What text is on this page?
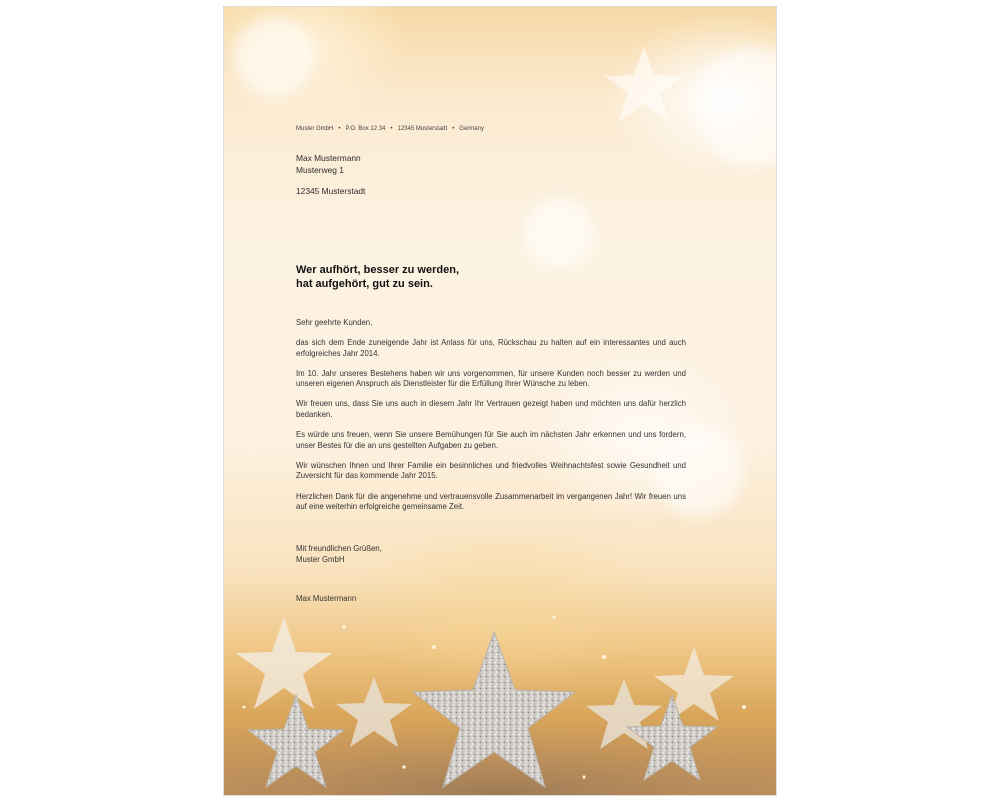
Muster GmbH • P.O. Box 12 34 • 12345 Musterstadt • Germany
Max Mustermann
Musterweg 1
12345 Musterstadt
Wer aufhört, besser zu werden,
hat aufgehört, gut zu sein.

Sehr geehrte Kunden,

das sich dem Ende zuneigende Jahr ist Anlass für uns, Rückschau zu halten auf ein interessantes und auch erfolgreiches Jahr 2014.

Im 10. Jahr unseres Bestehens haben wir uns vorgenommen, für unsere Kunden noch besser zu werden und unseren eigenen Anspruch als Dienstleister für die Erfüllung Ihrer Wünsche zu leben.

Wir freuen uns, dass Sie uns auch in diesem Jahr Ihr Vertrauen gezeigt haben und möchten uns dafür herzlich bedanken.

Es würde uns freuen, wenn Sie unsere Bemühungen für Sie auch im nächsten Jahr erkennen und uns fordern, unser Bestes für die an uns gestellten Aufgaben zu geben.

Wir wünschen Ihnen und Ihrer Familie ein besinnliches und friedvolles Weihnachtsfest sowie Gesundheit und Zuversicht für das kommende Jahr 2015.

Herzlichen Dank für die angenehme und vertrauensvolle Zusammenarbeit im vergangenen Jahr! Wir freuen uns auf eine weiterhin erfolgreiche gemeinsame Zeit.

Mit freundlichen Grüßen,
Muster GmbH
Max Mustermann
